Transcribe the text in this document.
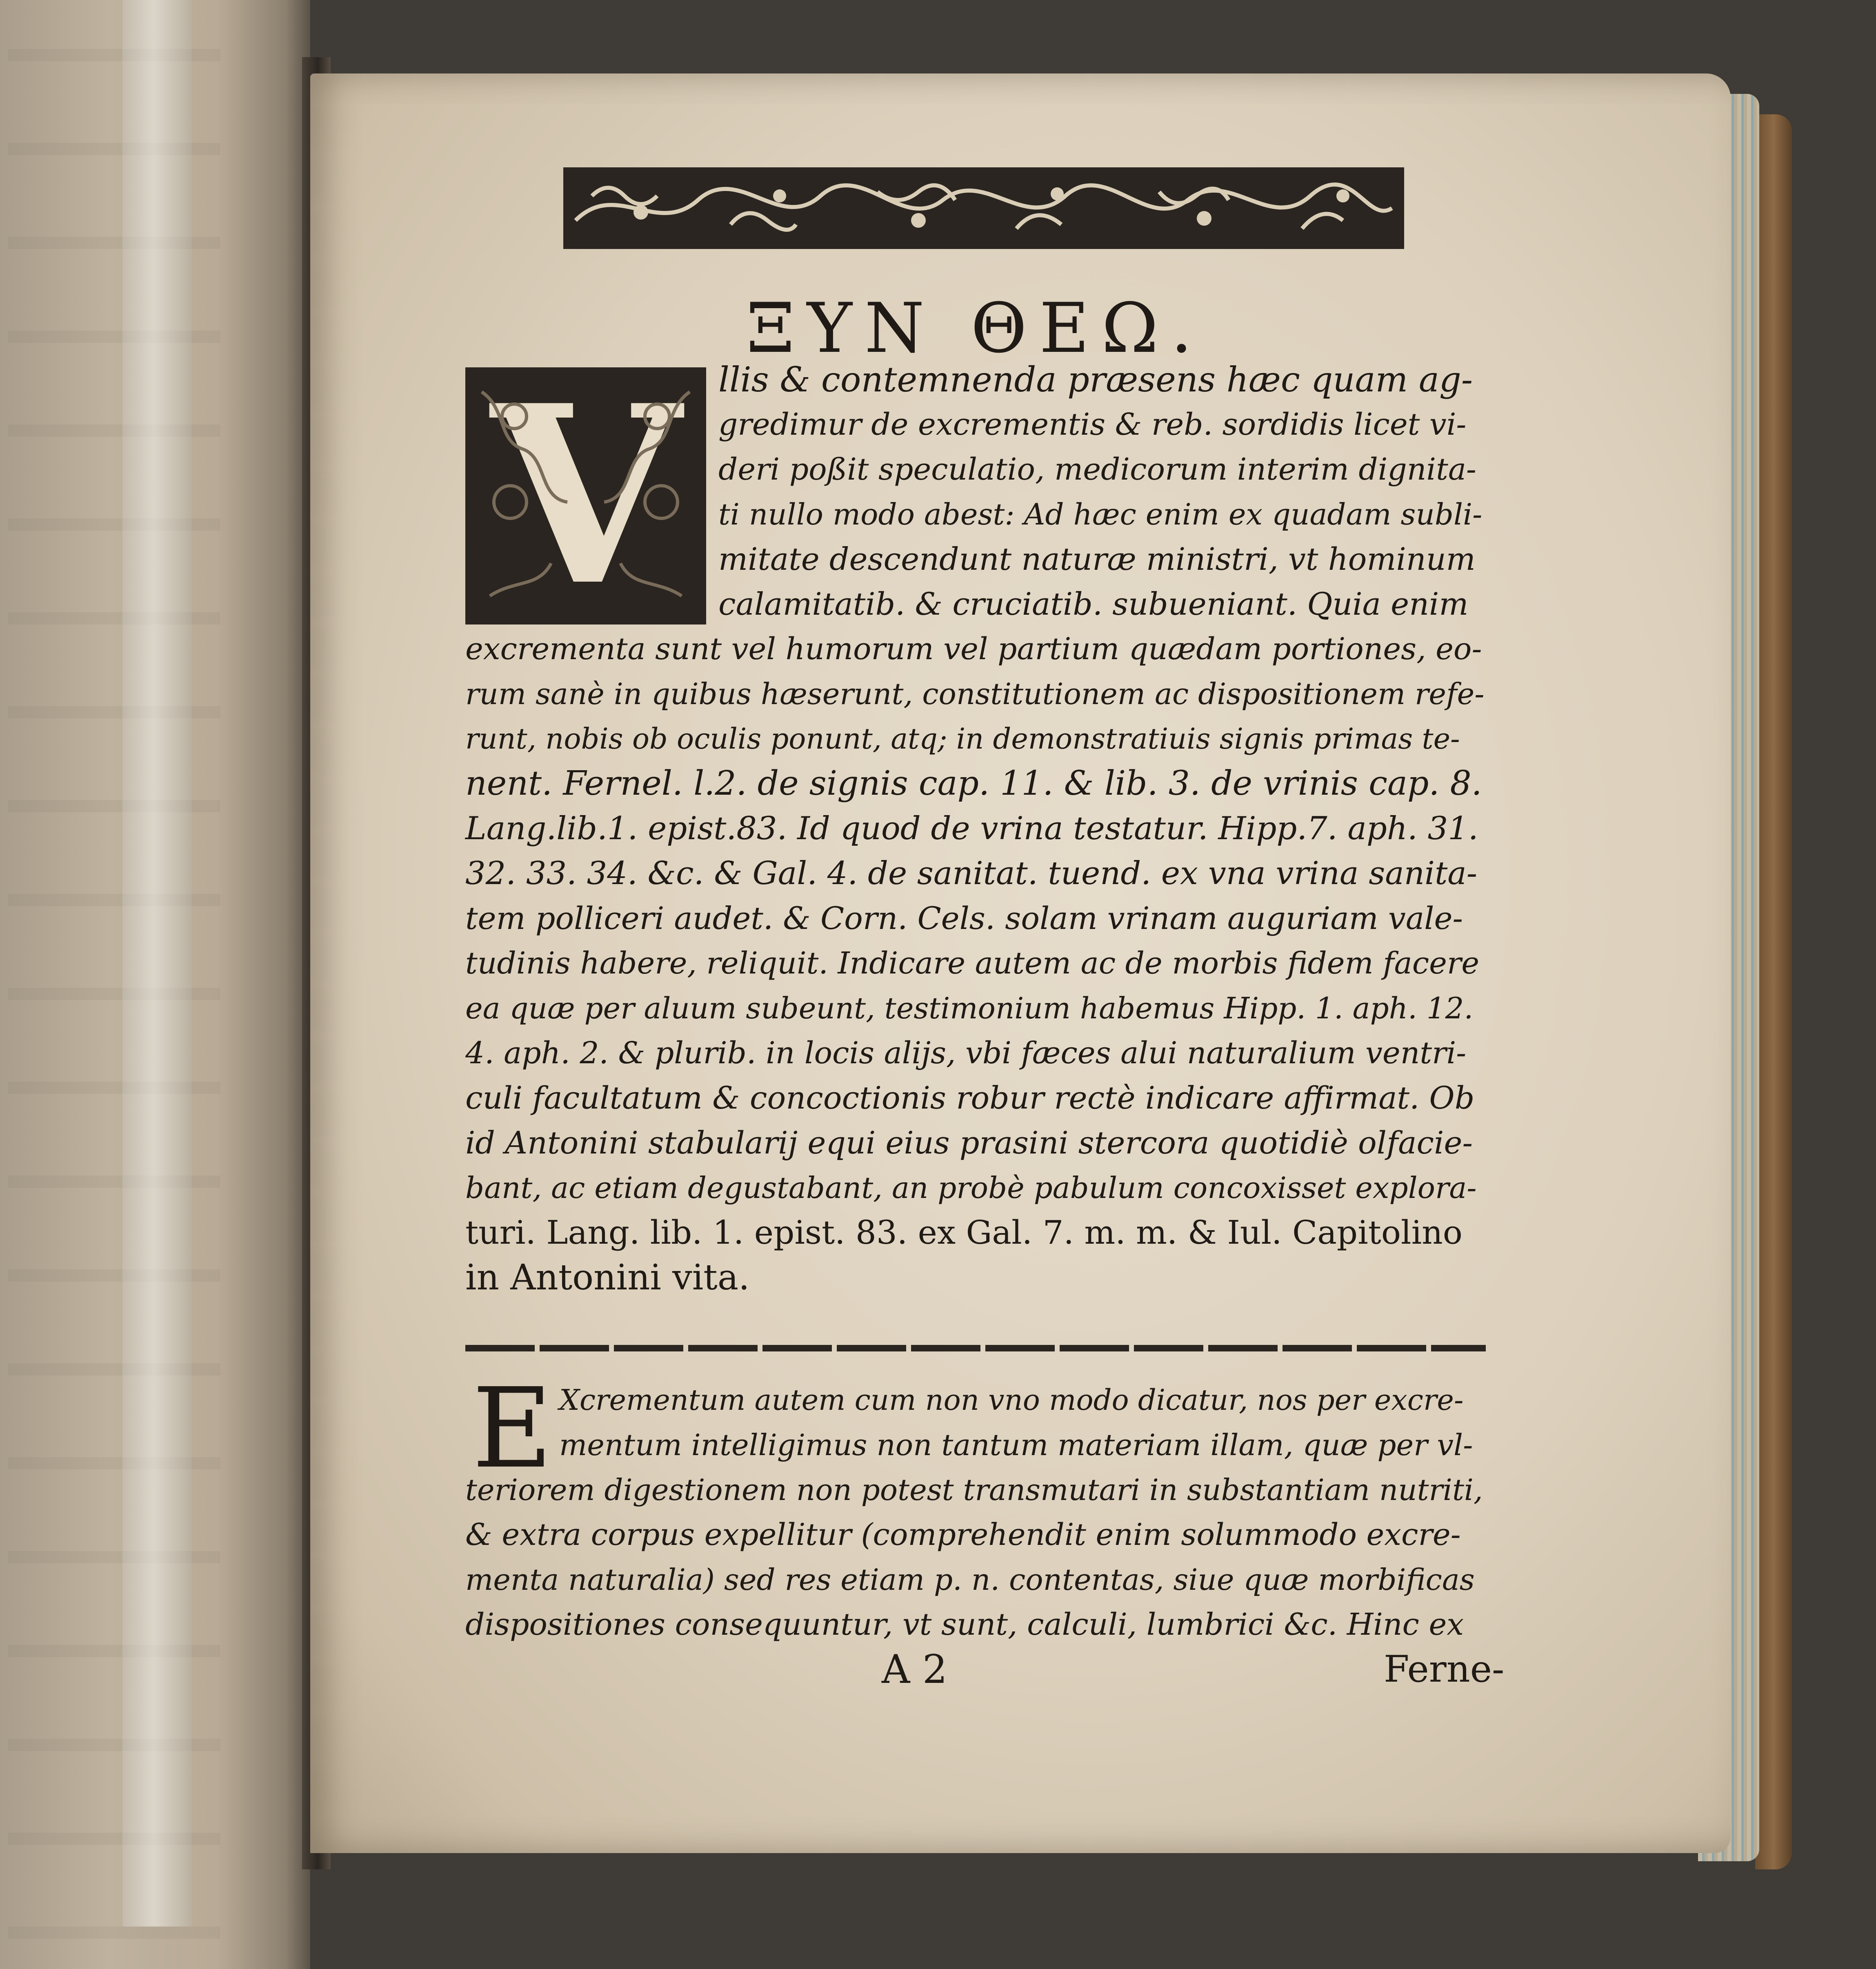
ΞΥΝ ΘΕΩ.
V llis & contemnenda præsens hæc quam ag-
gredimur de excrementis & reb. sordidis licet vi-
deri poßit speculatio, medicorum interim dignita-
ti nullo modo abest: Ad hæc enim ex quadam subli-
mitate descendunt naturæ ministri, vt hominum
calamitatib. & cruciatib. subueniant. Quia enim
excrementa sunt vel humorum vel partium quædam portiones, eo-
rum sanè in quibus hæserunt, constitutionem ac dispositionem refe-
runt, nobis ob oculis ponunt, atq; in demonstratiuis signis primas te-
nent. Fernel. l.2. de signis cap. 11. & lib. 3. de vrinis cap. 8.
Lang.lib.1. epist.83. Id quod de vrina testatur. Hipp.7. aph. 31.
32. 33. 34. &c. & Gal. 4. de sanitat. tuend. ex vna vrina sanita-
tem polliceri audet. & Corn. Cels. solam vrinam auguriam vale-
tudinis habere, reliquit. Indicare autem ac de morbis fidem facere
ea quæ per aluum subeunt, testimonium habemus Hipp. 1. aph. 12.
4. aph. 2. & plurib. in locis alijs, vbi fæces alui naturalium ventri-
culi facultatum & concoctionis robur rectè indicare affirmat. Ob
id Antonini stabularij equi eius prasini stercora quotidiè olfacie-
bant, ac etiam degustabant, an probè pabulum concoxisset explora-
turi. Lang. lib. 1. epist. 83. ex Gal. 7. m. m. & Iul. Capitolino
in Antonini vita.
E Xcrementum autem cum non vno modo dicatur, nos per excre-
mentum intelligimus non tantum materiam illam, quæ per vl-
teriorem digestionem non potest transmutari in substantiam nutriti,
& extra corpus expellitur (comprehendit enim solummodo excre-
menta naturalia) sed res etiam p. n. contentas, siue quæ morbificas
dispositiones consequuntur, vt sunt, calculi, lumbrici &c. Hinc ex
A 2	Ferne-
